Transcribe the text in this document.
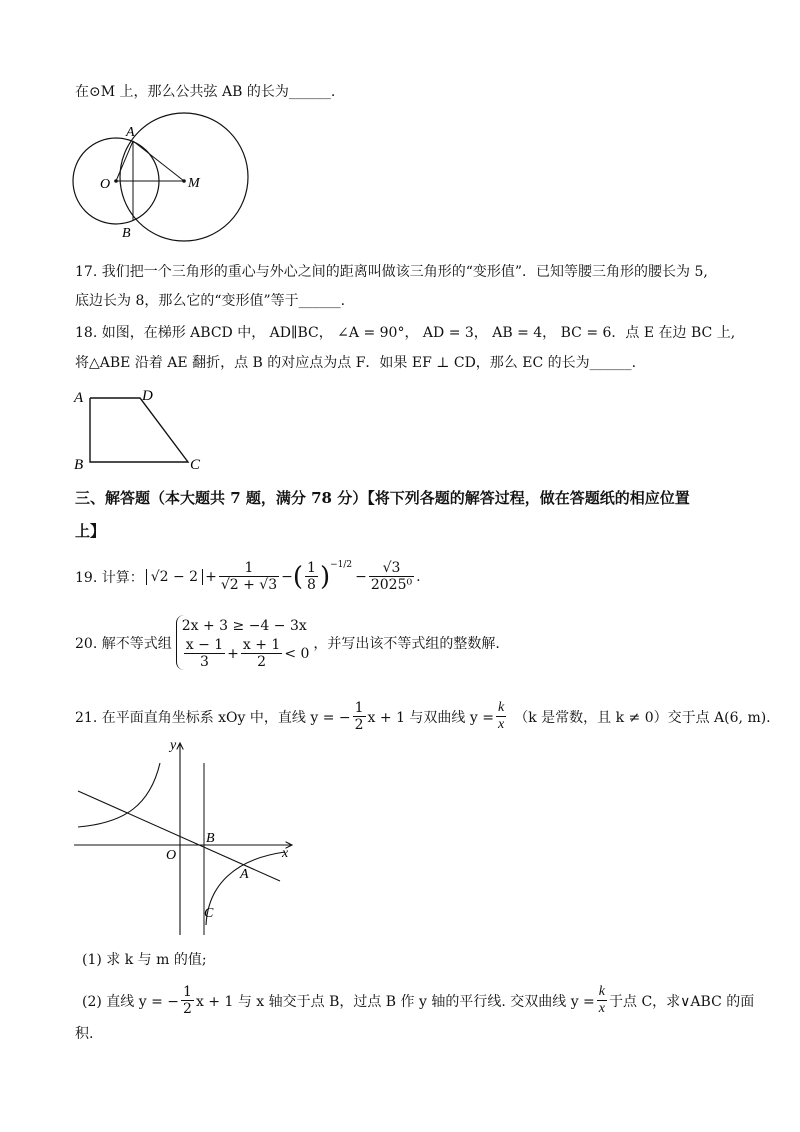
在⊙M 上，那么公共弦 AB 的长为______.
A
O	M
B
17. 我们把一个三角形的重心与外心之间的距离叫做该三角形的“变形值”．已知等腰三角形的腰长为 5,
底边长为 8，那么它的“变形值”等于______.
18. 如图，在梯形 ABCD 中， AD∥BC， ∠A = 90°， AD = 3， AB = 4， BC = 6．点 E 在边 BC 上,
将△ABE 沿着 AE 翻折，点 B 的对应点为点 F．如果 EF ⊥ CD，那么 EC 的长为______.
A	D
B	C
三、解答题（本大题共 7 题，满分 78 分）【将下列各题的解答过程，做在答题纸的相应位置
上】
19. 计算： $√2 - 2 + \frac{1}{√2 + √3}$ − ( $\frac{1}{8} )^{-1/2}$
− $\frac{√3}{\text{2025⁰}}$ .
20. 解不等式组
2x + 3 ≥ −4 − 3x
$\frac{x - 1}{3} + \frac{x + 1}{2} < 0$
，并写出该不等式组的整数解.
21. 在平面直角坐标系 xOy 中，直线 y = − $\frac{1}{2}$ x + 1 与双曲线 $y = \frac{k}{x} (k$ 是常数，且 k ≠ 0）交于点 A(6, m).
y
x
O
B
A
C
(1) 求 k 与 m 的值;
(2) 直线 y = − $\frac{1}{2}$ x + 1 与 x 轴交于点 B，过点 B 作 y 轴的平行线. 交双曲线 $y = \frac{k}{x}$ 于点 C，求∨ABC 的面
积.
